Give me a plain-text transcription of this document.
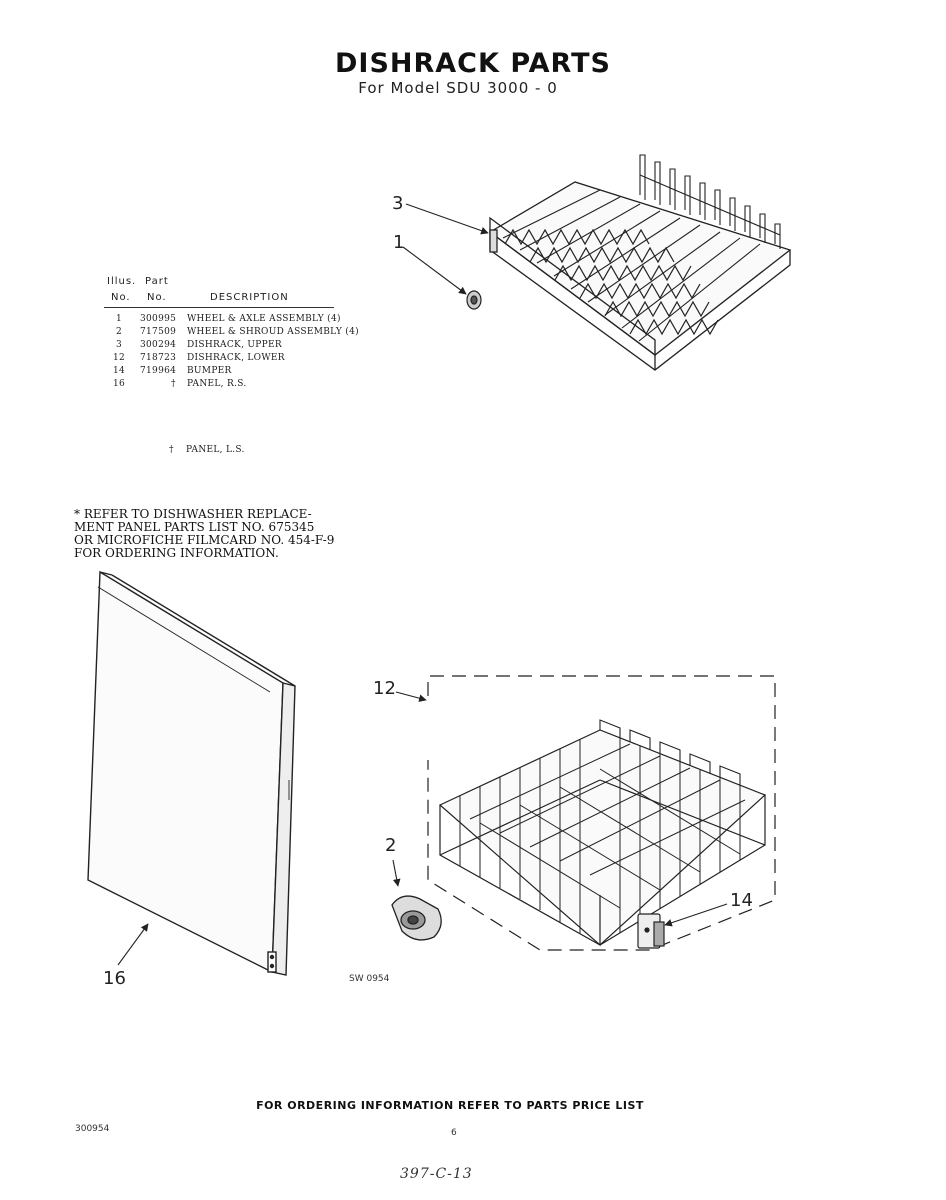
DISHRACK PARTS
For Model SDU 3000 - 0
Illus. Part
No. No.	DESCRIPTION
1 300995 WHEEL & AXLE ASSEMBLY (4)
2 717509 WHEEL & SHROUD ASSEMBLY (4)
3 300294 DISHRACK, UPPER
12 718723 DISHRACK, LOWER
14 719964 BUMPER
16	† PANEL, R.S.
† PANEL, L.S.
* REFER TO DISHWASHER REPLACE-
MENT PANEL PARTS LIST NO. 675345
OR MICROFICHE FILMCARD NO. 454-F-9
FOR ORDERING INFORMATION.
3
1
12
2
14
16	SW 0954
FOR ORDERING INFORMATION REFER TO PARTS PRICE LIST
300954	6
397-C-13
